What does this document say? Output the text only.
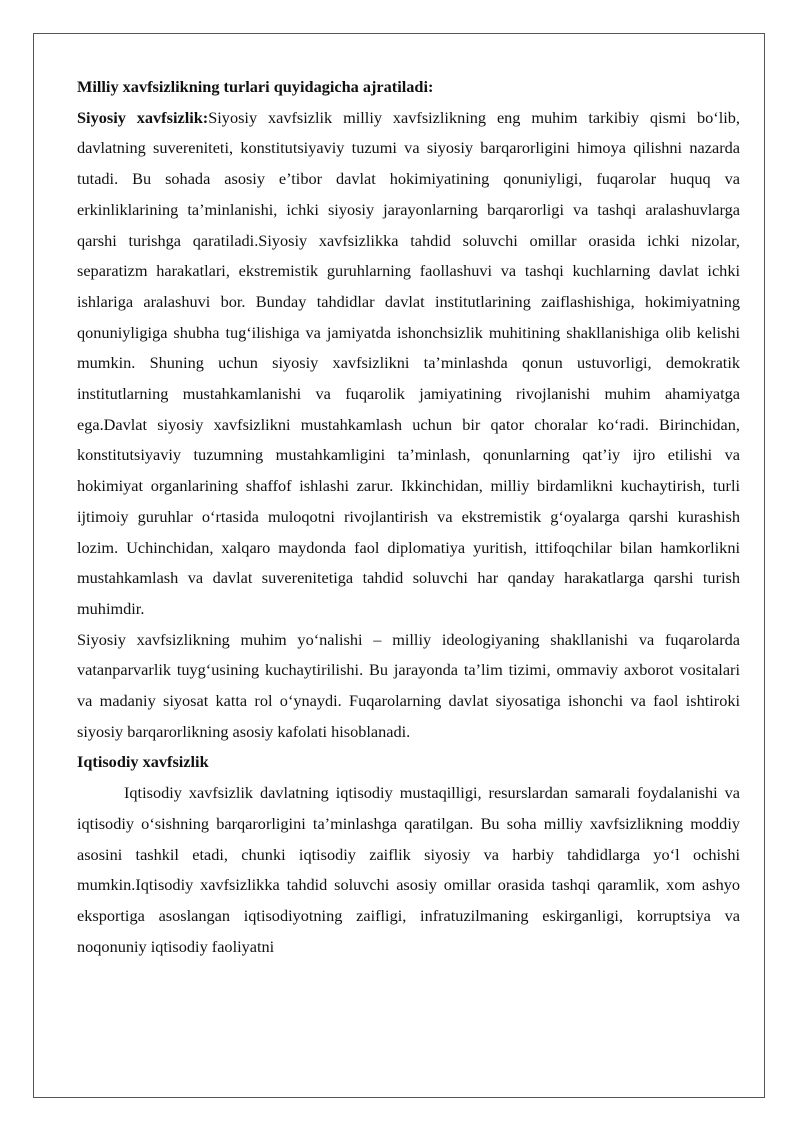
Milliy xavfsizlikning turlari quyidagicha ajratiladi:

Siyosiy xavfsizlik:Siyosiy xavfsizlik milliy xavfsizlikning eng muhim tarkibiy qismi bo‘lib, davlatning suvereniteti, konstitutsiyaviy tuzumi va siyosiy barqarorligini himoya qilishni nazarda tutadi. Bu sohada asosiy e’tibor davlat hokimiyatining qonuniyligi, fuqarolar huquq va erkinliklarining ta’minlanishi, ichki siyosiy jarayonlarning barqarorligi va tashqi aralashuvlarga qarshi turishga qaratiladi.Siyosiy xavfsizlikka tahdid soluvchi omillar orasida ichki nizolar, separatizm harakatlari, ekstremistik guruhlarning faollashuvi va tashqi kuchlarning davlat ichki ishlariga aralashuvi bor. Bunday tahdidlar davlat institutlarining zaiflashishiga, hokimiyatning qonuniyligiga shubha tug‘ilishiga va jamiyatda ishonchsizlik muhitining shakllanishiga olib kelishi mumkin. Shuning uchun siyosiy xavfsizlikni ta’minlashda qonun ustuvorligi, demokratik institutlarning mustahkamlanishi va fuqarolik jamiyatining rivojlanishi muhim ahamiyatga ega.Davlat siyosiy xavfsizlikni mustahkamlash uchun bir qator choralar ko‘radi. Birinchidan, konstitutsiyaviy tuzumning mustahkamligini ta’minlash, qonunlarning qat’iy ijro etilishi va hokimiyat organlarining shaffof ishlashi zarur. Ikkinchidan, milliy birdamlikni kuchaytirish, turli ijtimoiy guruhlar o‘rtasida muloqotni rivojlantirish va ekstremistik g‘oyalarga qarshi kurashish lozim. Uchinchidan, xalqaro maydonda faol diplomatiya yuritish, ittifoqchilar bilan hamkorlikni mustahkamlash va davlat suverenitetiga tahdid soluvchi har qanday harakatlarga qarshi turish muhimdir.

Siyosiy xavfsizlikning muhim yo‘nalishi – milliy ideologiyaning shakllanishi va fuqarolarda vatanparvarlik tuyg‘usining kuchaytirilishi. Bu jarayonda ta’lim tizimi, ommaviy axborot vositalari va madaniy siyosat katta rol o‘ynaydi. Fuqarolarning davlat siyosatiga ishonchi va faol ishtiroki siyosiy barqarorlikning asosiy kafolati hisoblanadi.

Iqtisodiy xavfsizlik

Iqtisodiy xavfsizlik davlatning iqtisodiy mustaqilligi, resurslardan samarali foydalanishi va iqtisodiy o‘sishning barqarorligini ta’minlashga qaratilgan. Bu soha milliy xavfsizlikning moddiy asosini tashkil etadi, chunki iqtisodiy zaiflik siyosiy va harbiy tahdidlarga yo‘l ochishi mumkin.Iqtisodiy xavfsizlikka tahdid soluvchi asosiy omillar orasida tashqi qaramlik, xom ashyo eksportiga asoslangan iqtisodiyotning zaifligi, infratuzilmaning eskirganligi, korruptsiya va noqonuniy iqtisodiy faoliyatni
